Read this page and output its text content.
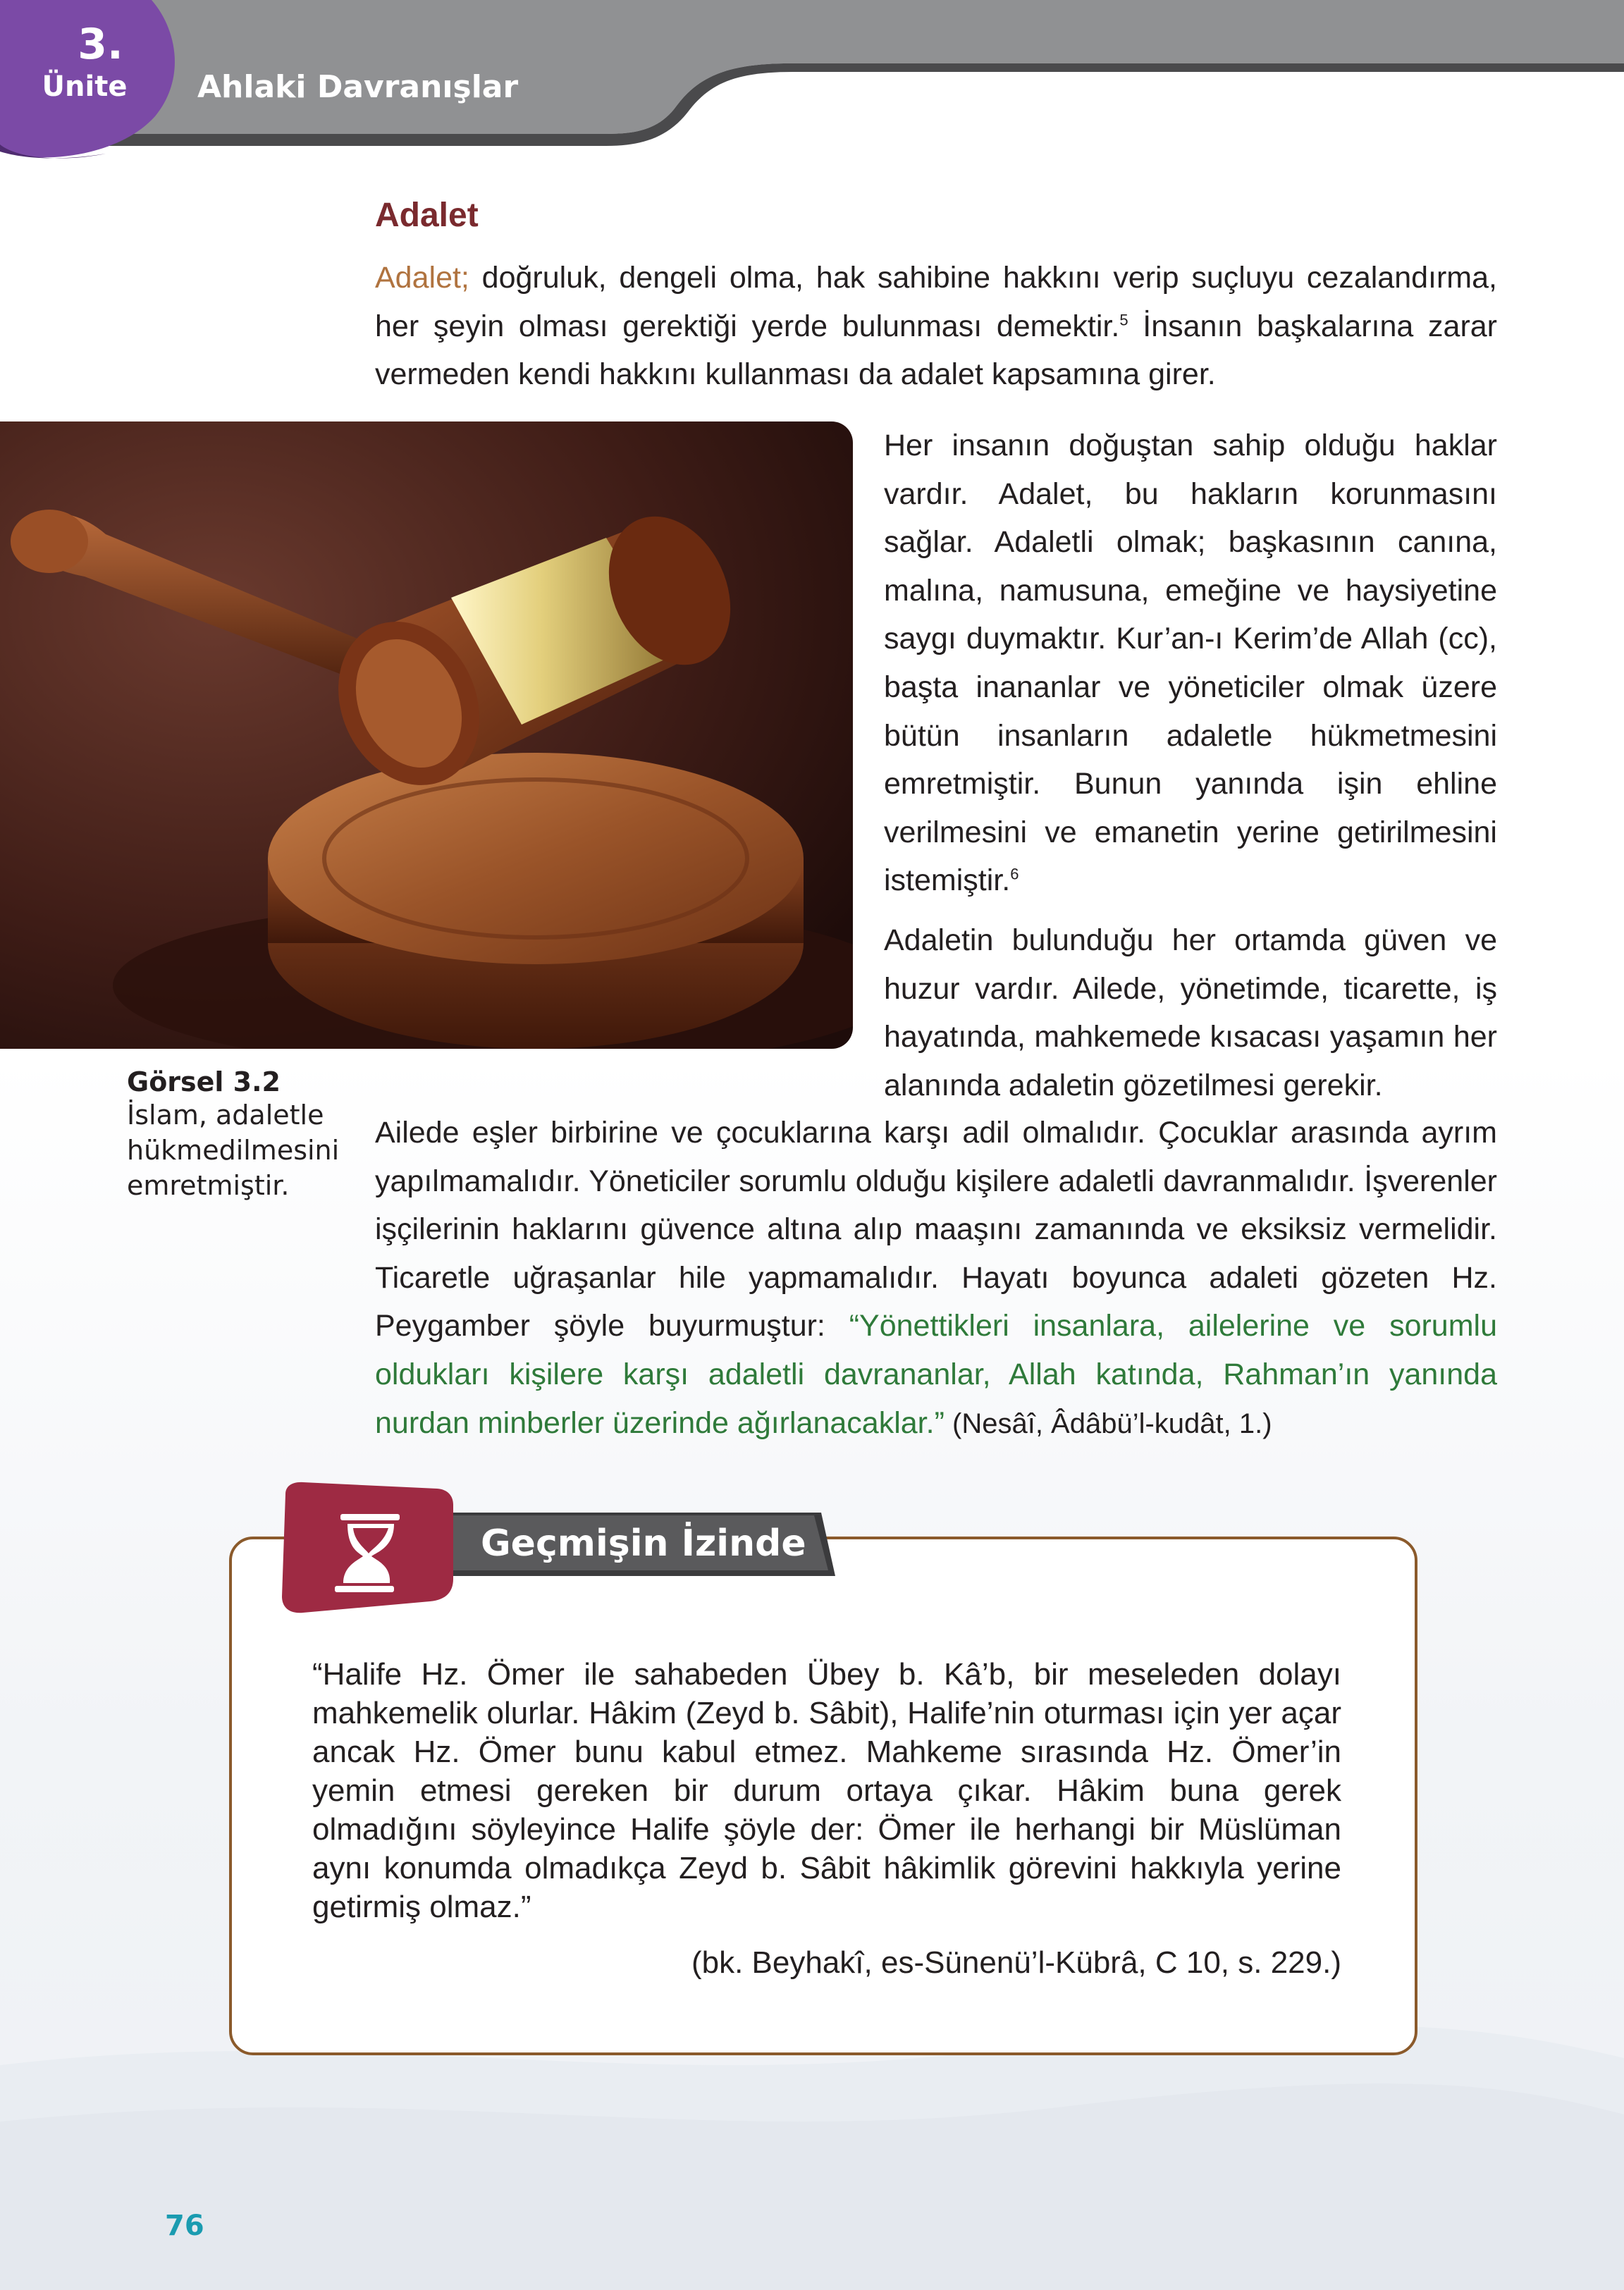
3.
Ünite	Ahlaki Davranışlar
Adalet

Adalet; doğruluk, dengeli olma, hak sahibine hakkını verip suçluyu cezalandırma, her şeyin olması gerektiği yerde bulunması demektir.$^5$ İnsanın başkalarına zarar vermeden kendi hakkını kullanması da adalet kapsamına girer.

Her insanın doğuştan sahip olduğu haklar vardır. Adalet, bu hakların korunmasını sağlar. Adaletli olmak; başkasının canına, malına, namusuna, emeğine ve haysiyetine saygı duymaktır. Kur’an-ı Kerim’de Allah (cc), başta inananlar ve yöneticiler olmak üzere bütün insanların adaletle hükmetmesini emretmiştir. Bunun yanında işin ehline verilmesini ve emanetin yerine getirilmesini istemiştir.$^6$

Adaletin bulunduğu her ortamda güven ve huzur vardır. Ailede, yönetimde, ticarette, iş hayatında, mahkemede kısacası yaşamın her alanında adaletin gözetilmesi gerekir.

Görsel 3.2
İslam, adaletle hükmedilmesini emretmiştir.

Ailede eşler birbirine ve çocuklarına karşı adil olmalıdır. Çocuklar arasında ayrım yapılmamalıdır. Yöneticiler sorumlu olduğu kişilere adaletli davranmalıdır. İşverenler işçilerinin haklarını güvence altına alıp maaşını zamanında ve eksiksiz vermelidir. Ticaretle uğraşanlar hile yapmamalıdır. Hayatı boyunca adaleti gözeten Hz. Peygamber şöyle buyurmuştur: “Yönettikleri insanlara, ailelerine ve sorumlu oldukları kişilere karşı adaletli davrananlar, Allah katında, Rahman’ın yanında nurdan minberler üzerinde ağırlanacaklar.” (Nesâî, Âdâbü’l-kudât, 1.)

Geçmişin İzinde

“Halife Hz. Ömer ile sahabeden Übey b. Kâ’b, bir meseleden dolayı mahkemelik olurlar. Hâkim (Zeyd b. Sâbit), Halife’nin oturması için yer açar ancak Hz. Ömer bunu kabul etmez. Mahkeme sırasında Hz. Ömer’in yemin etmesi gereken bir durum ortaya çıkar. Hâkim buna gerek olmadığını söyleyince Halife şöyle der: Ömer ile herhangi bir Müslüman aynı konumda olmadıkça Zeyd b. Sâbit hâkimlik görevini hakkıyla yerine getirmiş olmaz.”

(bk. Beyhakî, es-Sünenü’l-Kübrâ, C 10, s. 229.)

76
